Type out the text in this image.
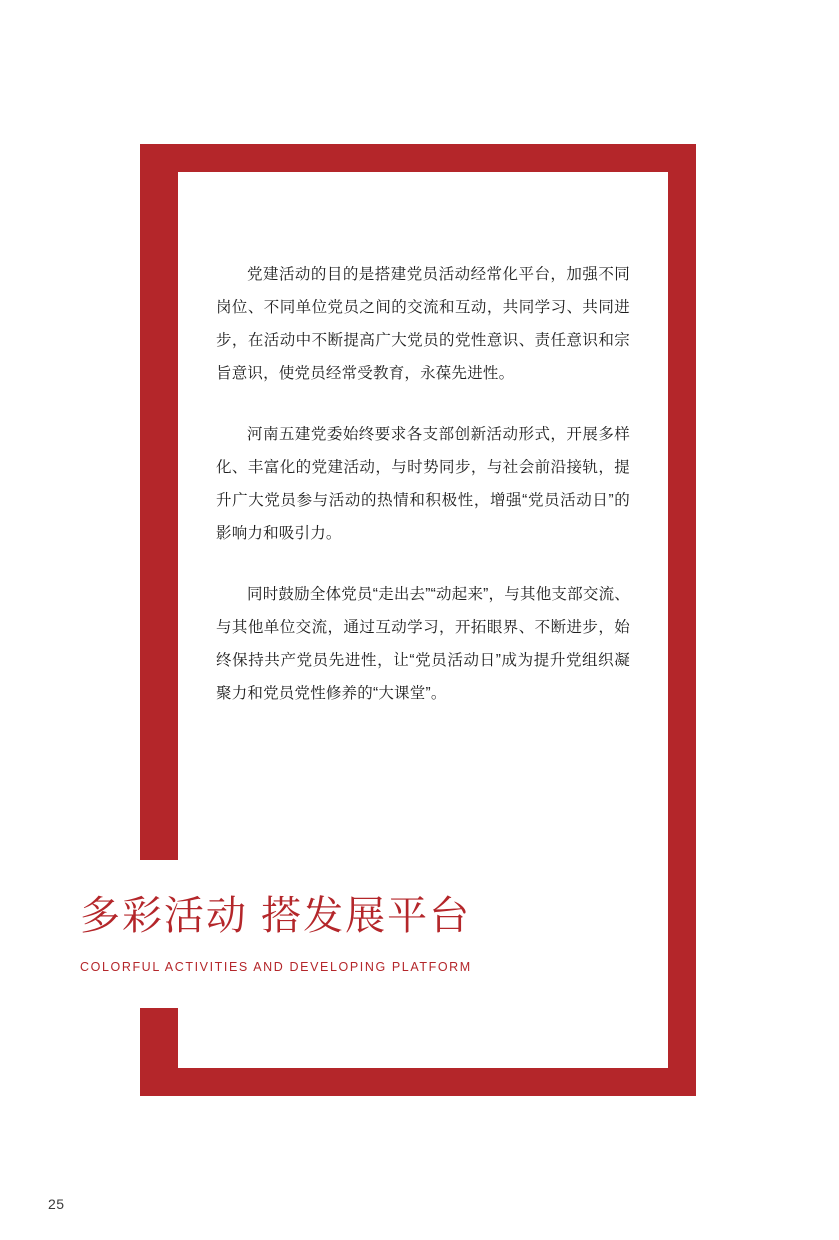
党建活动的目的是搭建党员活动经常化平台，加强不同岗位、不同单位党员之间的交流和互动，共同学习、共同进步，在活动中不断提高广大党员的党性意识、责任意识和宗旨意识，使党员经常受教育，永葆先进性。

河南五建党委始终要求各支部创新活动形式，开展多样化、丰富化的党建活动，与时势同步，与社会前沿接轨，提升广大党员参与活动的热情和积极性，增强“党员活动日”的影响力和吸引力。

同时鼓励全体党员“走出去”“动起来”，与其他支部交流、与其他单位交流，通过互动学习，开拓眼界、不断进步，始终保持共产党员先进性，让“党员活动日”成为提升党组织凝聚力和党员党性修养的“大课堂”。

多彩活动 搭发展平台
COLORFUL ACTIVITIES AND DEVELOPING PLATFORM
25
